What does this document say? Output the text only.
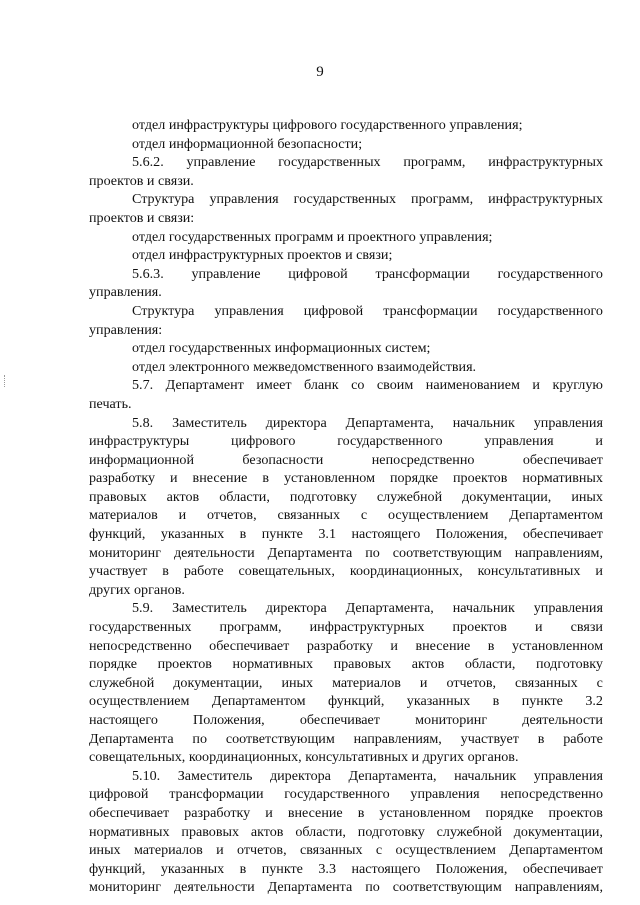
9
отдел инфраструктуры цифрового государственного управления;
отдел информационной безопасности;
5.6.2. управление государственных программ, инфраструктурных
проектов и связи.
Структура управления государственных программ, инфраструктурных
проектов и связи:
отдел государственных программ и проектного управления;
отдел инфраструктурных проектов и связи;
5.6.3. управление цифровой трансформации государственного
управления.
Структура управления цифровой трансформации государственного
управления:
отдел государственных информационных систем;
отдел электронного межведомственного взаимодействия.
5.7. Департамент имеет бланк со своим наименованием и круглую
печать.
5.8. Заместитель директора Департамента, начальник управления
инфраструктуры	цифрового	государственного	управления	и
информационной	безопасности	непосредственно	обеспечивает
разработку и внесение в установленном порядке проектов нормативных
правовых актов области, подготовку служебной документации, иных
материалов и отчетов, связанных с осуществлением Департаментом
функций, указанных в пункте 3.1 настоящего Положения, обеспечивает
мониторинг деятельности Департамента по соответствующим направлениям,
участвует в работе совещательных, координационных, консультативных и
других органов.
5.9. Заместитель директора Департамента, начальник управления
государственных программ, инфраструктурных проектов и связи
непосредственно обеспечивает разработку и внесение в установленном
порядке проектов нормативных правовых актов области, подготовку
служебной документации, иных материалов и отчетов, связанных с
осуществлением Департаментом функций, указанных в пункте 3.2
настоящего Положения, обеспечивает мониторинг деятельности
Департамента по соответствующим направлениям, участвует в работе
совещательных, координационных, консультативных и других органов.
5.10. Заместитель директора Департамента, начальник управления
цифровой трансформации государственного управления непосредственно
обеспечивает разработку и внесение в установленном порядке проектов
нормативных правовых актов области, подготовку служебной документации,
иных материалов и отчетов, связанных с осуществлением Департаментом
функций, указанных в пункте 3.3 настоящего Положения, обеспечивает
мониторинг деятельности Департамента по соответствующим направлениям,
